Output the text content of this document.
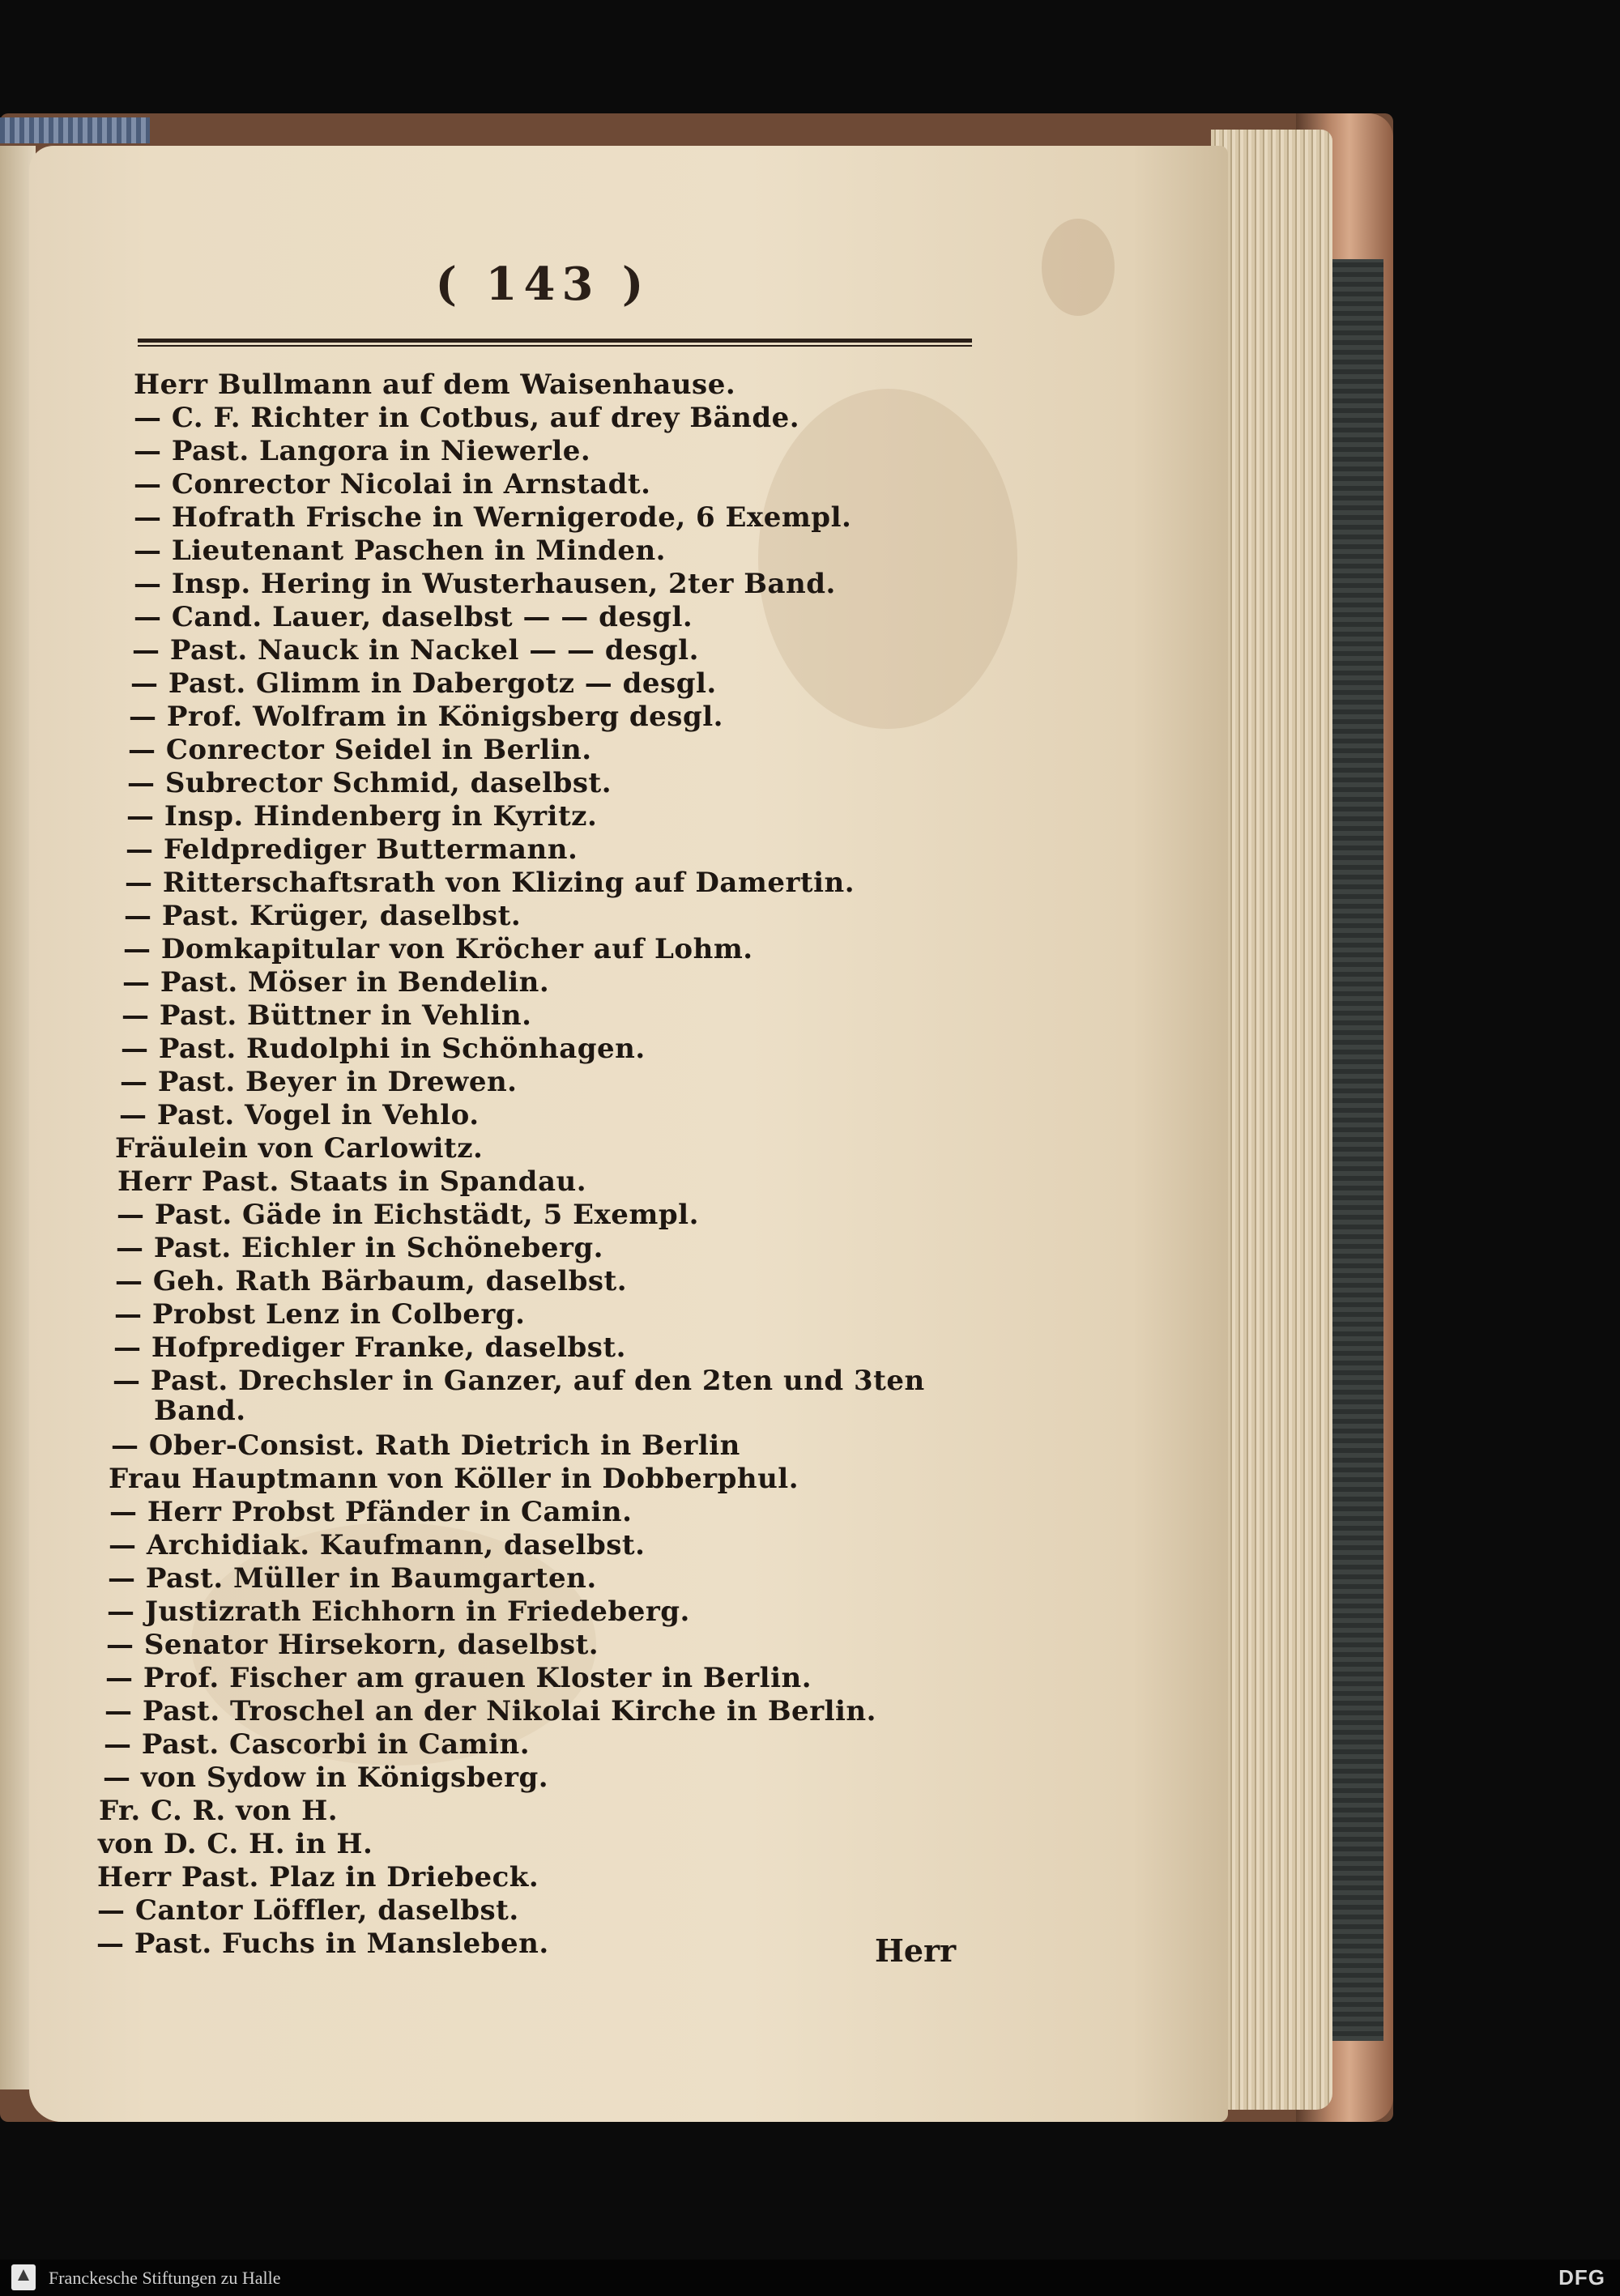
( 143 )
Herr Bullmann auf dem Waisenhause.
— C. F. Richter in Cotbus, auf drey Bände.
— Past. Langora in Niewerle.
— Conrector Nicolai in Arnstadt.
— Hofrath Frische in Wernigerode, 6 Exempl.
— Lieutenant Paschen in Minden.
— Insp. Hering in Wusterhausen, 2ter Band.
— Cand. Lauer, daselbst — — desgl.
— Past. Nauck in Nackel — — desgl.
— Past. Glimm in Dabergotz — desgl.
— Prof. Wolfram in Königsberg desgl.
— Conrector Seidel in Berlin.
— Subrector Schmid, daselbst.
— Insp. Hindenberg in Kyritz.
— Feldprediger Buttermann.
— Ritterschaftsrath von Klizing auf Damertin.
— Past. Krüger, daselbst.
— Domkapitular von Kröcher auf Lohm.
— Past. Möser in Bendelin.
— Past. Büttner in Vehlin.
— Past. Rudolphi in Schönhagen.
— Past. Beyer in Drewen.
— Past. Vogel in Vehlo.
Fräulein von Carlowitz.
Herr Past. Staats in Spandau.
— Past. Gäde in Eichstädt, 5 Exempl.
— Past. Eichler in Schöneberg.
— Geh. Rath Bärbaum, daselbst.
— Probst Lenz in Colberg.
— Hofprediger Franke, daselbst.
— Past. Drechsler in Ganzer, auf den 2ten und 3ten
Band.
— Ober-Consist. Rath Dietrich in Berlin
Frau Hauptmann von Köller in Dobberphul.
— Herr Probst Pfänder in Camin.
— Archidiak. Kaufmann, daselbst.
— Past. Müller in Baumgarten.
— Justizrath Eichhorn in Friedeberg.
— Senator Hirsekorn, daselbst.
— Prof. Fischer am grauen Kloster in Berlin.
— Past. Troschel an der Nikolai Kirche in Berlin.
— Past. Cascorbi in Camin.
— von Sydow in Königsberg.
Fr. C. R. von H.
von D. C. H. in H.
Herr Past. Plaz in Driebeck.
— Cantor Löffler, daselbst.
— Past. Fuchs in Mansleben.	Herr
Franckesche Stiftungen zu Halle	DFG
